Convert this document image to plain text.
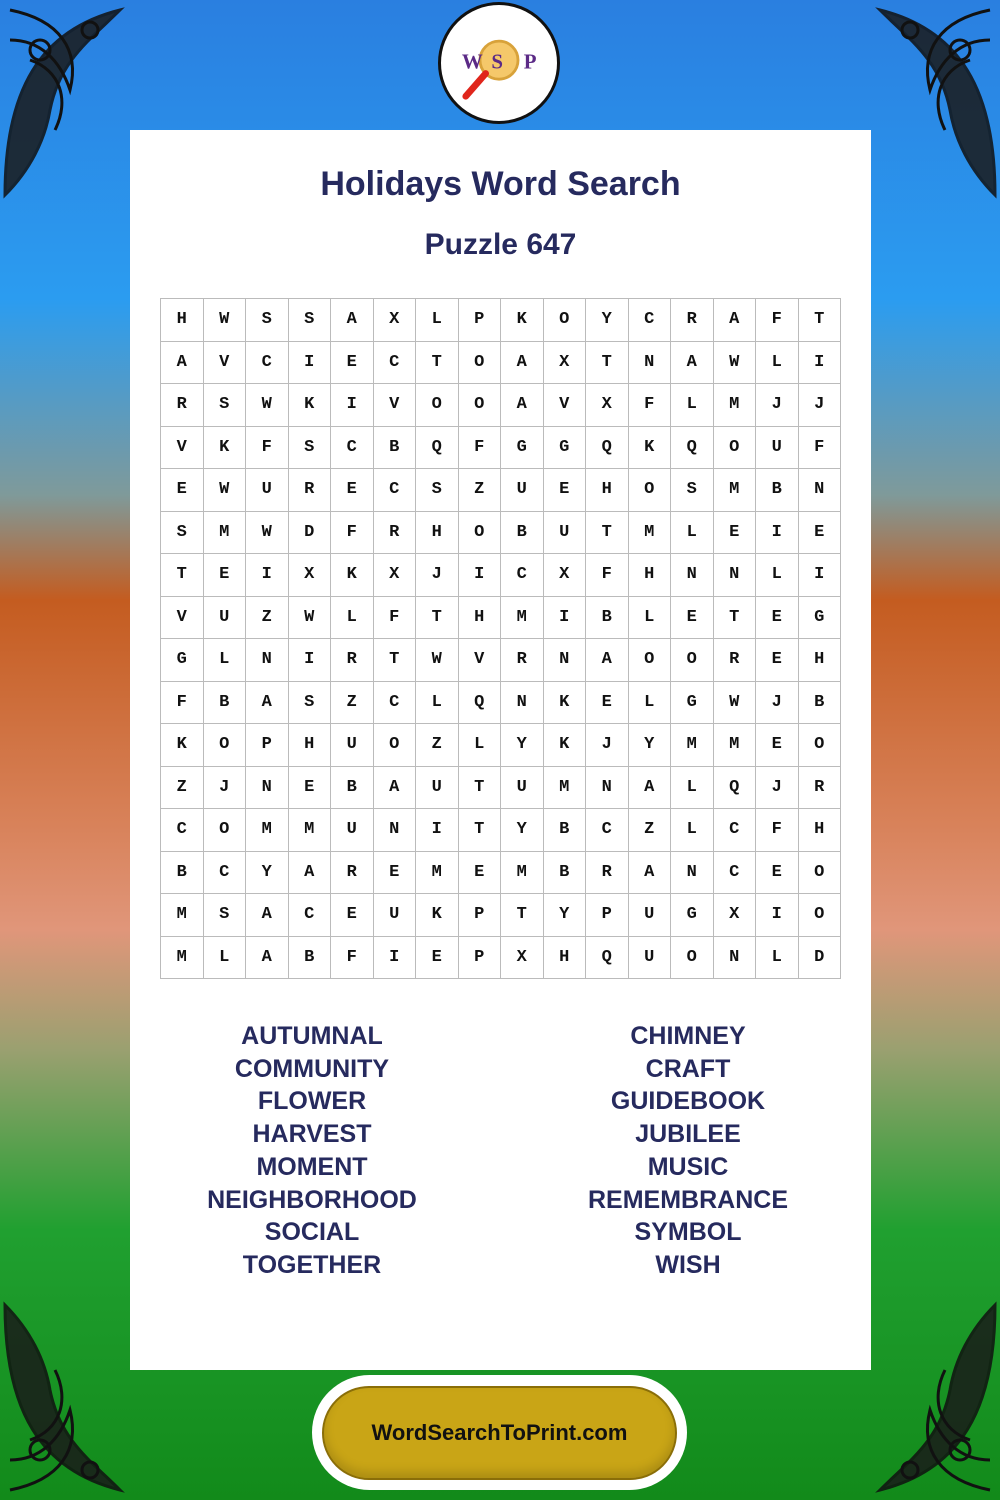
W S P
Holidays Word Search
Puzzle 647
H	W	S	S	A	X	L	P	K	O	Y	C	R	A	F	T
A	V	C	I	E	C	T	O	A	X	T	N	A	W	L	I
R	S	W	K	I	V	O	O	A	V	X	F	L	M	J	J
V	K	F	S	C	B	Q	F	G	G	Q	K	Q	O	U	F
E	W	U	R	E	C	S	Z	U	E	H	O	S	M	B	N
S	M	W	D	F	R	H	O	B	U	T	M	L	E	I	E
T	E	I	X	K	X	J	I	C	X	F	H	N	N	L	I
V	U	Z	W	L	F	T	H	M	I	B	L	E	T	E	G
G	L	N	I	R	T	W	V	R	N	A	O	O	R	E	H
F	B	A	S	Z	C	L	Q	N	K	E	L	G	W	J	B
K	O	P	H	U	O	Z	L	Y	K	J	Y	M	M	E	O
Z	J	N	E	B	A	U	T	U	M	N	A	L	Q	J	R
C	O	M	M	U	N	I	T	Y	B	C	Z	L	C	F	H
B	C	Y	A	R	E	M	E	M	B	R	A	N	C	E	O
M	S	A	C	E	U	K	P	T	Y	P	U	G	X	I	O
M	L	A	B	F	I	E	P	X	H	Q	U	O	N	L	D
AUTUMNAL
COMMUNITY
FLOWER
HARVEST
MOMENT
NEIGHBORHOOD
SOCIAL
TOGETHER
CHIMNEY
CRAFT
GUIDEBOOK
JUBILEE
MUSIC
REMEMBRANCE
SYMBOL
WISH
WordSearchToPrint.com
